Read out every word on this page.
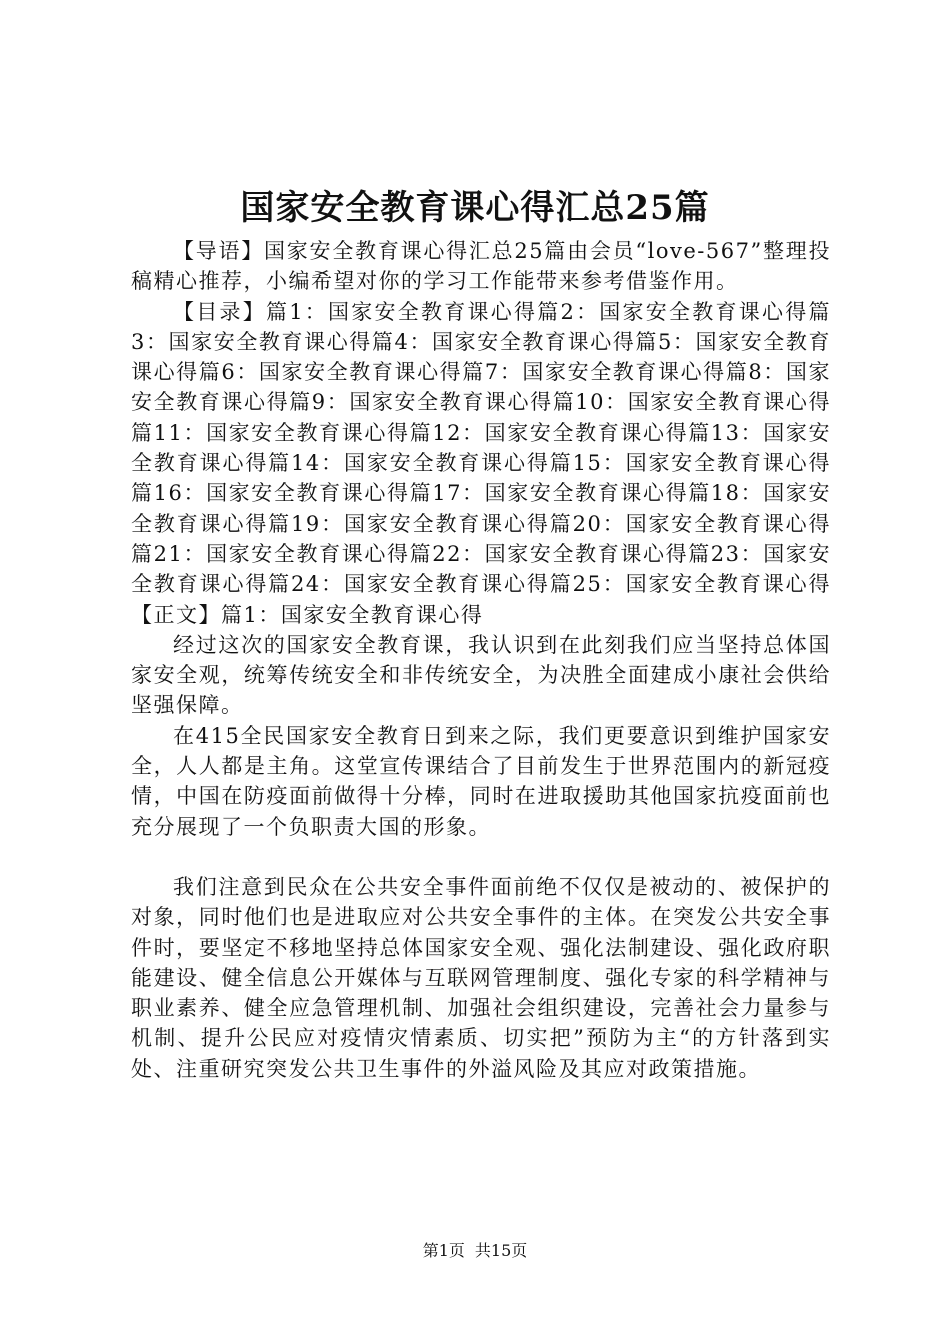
国家安全教育课心得汇总25篇

【导语】国家安全教育课心得汇总25篇由会员“love-567”整理投稿精心推荐，小编希望对你的学习工作能带来参考借鉴作用。

【目录】篇1：国家安全教育课心得篇2：国家安全教育课心得篇3：国家安全教育课心得篇4：国家安全教育课心得篇5：国家安全教育课心得篇6：国家安全教育课心得篇7：国家安全教育课心得篇8：国家安全教育课心得篇9：国家安全教育课心得篇10：国家安全教育课心得篇11：国家安全教育课心得篇12：国家安全教育课心得篇13：国家安全教育课心得篇14：国家安全教育课心得篇15：国家安全教育课心得篇16：国家安全教育课心得篇17：国家安全教育课心得篇18：国家安全教育课心得篇19：国家安全教育课心得篇20：国家安全教育课心得篇21：国家安全教育课心得篇22：国家安全教育课心得篇23：国家安全教育课心得篇24：国家安全教育课心得篇25：国家安全教育课心得【正文】篇1：国家安全教育课心得

经过这次的国家安全教育课，我认识到在此刻我们应当坚持总体国家安全观，统筹传统安全和非传统安全，为决胜全面建成小康社会供给坚强保障。

在415全民国家安全教育日到来之际，我们更要意识到维护国家安全，人人都是主角。这堂宣传课结合了目前发生于世界范围内的新冠疫情，中国在防疫面前做得十分棒，同时在进取援助其他国家抗疫面前也充分展现了一个负职责大国的形象。

我们注意到民众在公共安全事件面前绝不仅仅是被动的、被保护的对象，同时他们也是进取应对公共安全事件的主体。在突发公共安全事件时，要坚定不移地坚持总体国家安全观、强化法制建设、强化政府职能建设、健全信息公开媒体与互联网管理制度、强化专家的科学精神与职业素养、健全应急管理机制、加强社会组织建设，完善社会力量参与机制、提升公民应对疫情灾情素质、切实把”预防为主“的方针落到实处、注重研究突发公共卫生事件的外溢风险及其应对政策措施。

第1页 共15页
